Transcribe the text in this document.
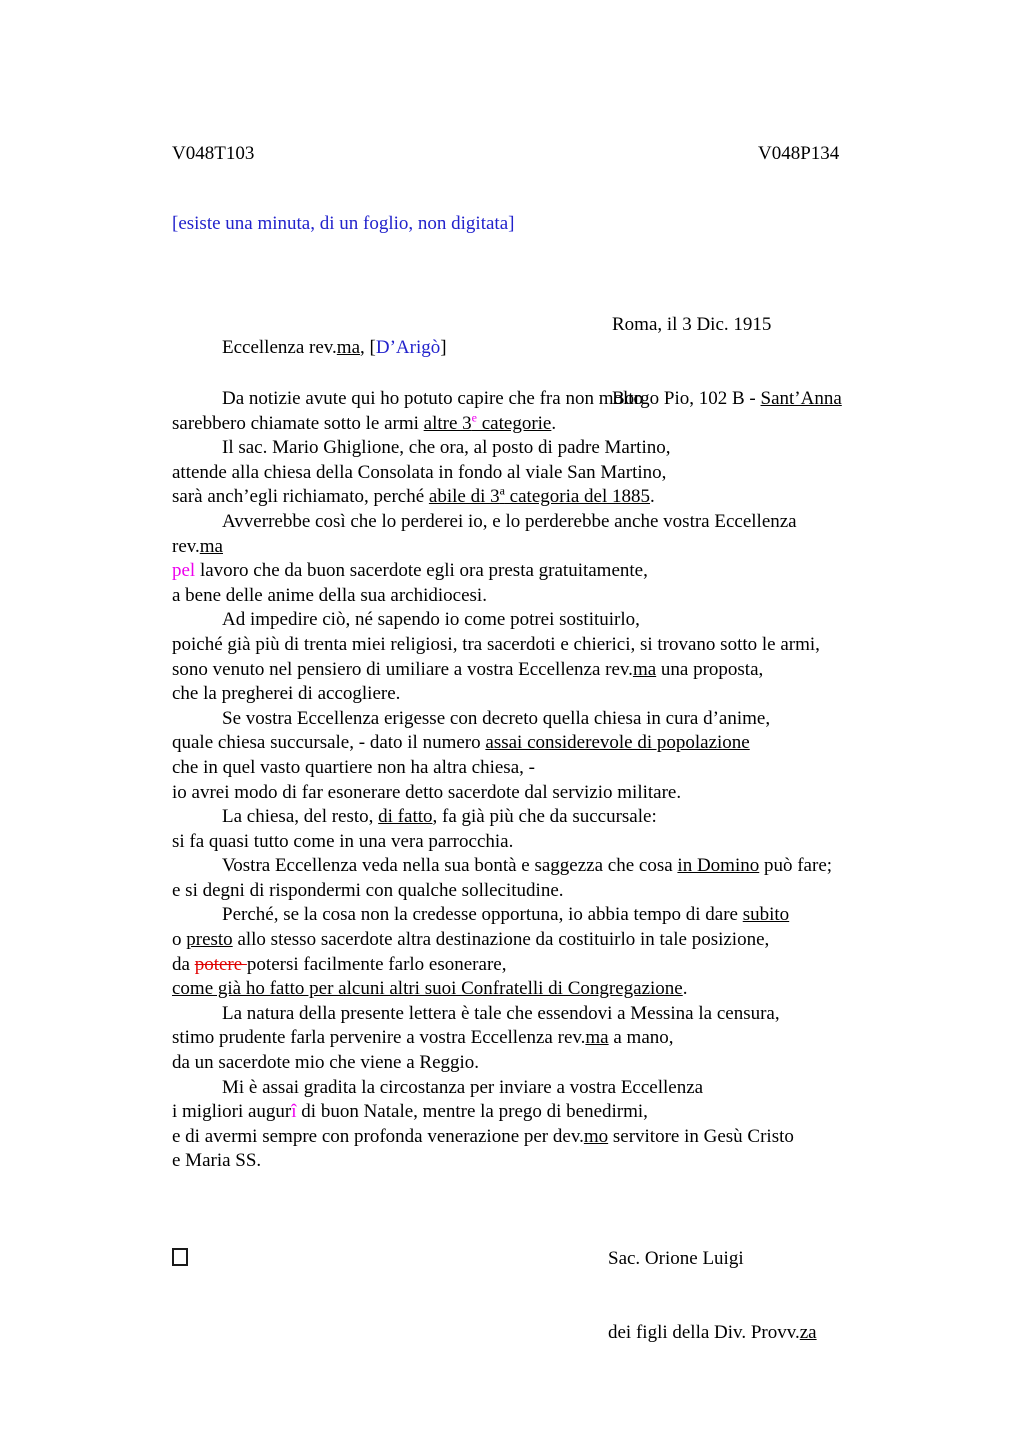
V048T103	V048P134
[esiste una minuta, di un foglio, non digitata]

Roma, il 3 Dic. 1915

Borgo Pio, 102 B - Sant’Anna

Eccellenza rev.ma, [D’Arigò]
Da notizie avute qui ho potuto capire che fra non molto
sarebbero chiamate sotto le armi altre 3e categorie.
Il sac. Mario Ghiglione, che ora, al posto di padre Martino,
attende alla chiesa della Consolata in fondo al viale San Martino,
sarà anch’egli richiamato, perché abile di 3$^a$ categoria del 1885.
Avverrebbe così che lo perderei io, e lo perderebbe anche vostra Eccellenza
rev.ma
pel lavoro che da buon sacerdote egli ora presta gratuitamente,
a bene delle anime della sua archidiocesi.
Ad impedire ciò, né sapendo io come potrei sostituirlo,
poiché già più di trenta miei religiosi, tra sacerdoti e chierici, si trovano sotto le armi,
sono venuto nel pensiero di umiliare a vostra Eccellenza rev.ma una proposta,
che la pregherei di accogliere.
Se vostra Eccellenza erigesse con decreto quella chiesa in cura d’anime,
quale chiesa succursale, - dato il numero assai considerevole di popolazione
che in quel vasto quartiere non ha altra chiesa, -
io avrei modo di far esonerare detto sacerdote dal servizio militare.
La chiesa, del resto, di fatto, fa già più che da succursale:
si fa quasi tutto come in una vera parrocchia.
Vostra Eccellenza veda nella sua bontà e saggezza che cosa in Domino può fare;
e si degni di rispondermi con qualche sollecitudine.
Perché, se la cosa non la credesse opportuna, io abbia tempo di dare subito
o presto allo stesso sacerdote altra destinazione da costituirlo in tale posizione,
da potere potersi facilmente farlo esonerare,
come già ho fatto per alcuni altri suoi Confratelli di Congregazione.
La natura della presente lettera è tale che essendovi a Messina la censura,
stimo prudente farla pervenire a vostra Eccellenza rev.ma a mano,
da un sacerdote mio che viene a Reggio.
Mi è assai gradita la circostanza per inviare a vostra Eccellenza
i migliori augurî di buon Natale, mentre la prego di benedirmi,
e di avermi sempre con profonda venerazione per dev.mo servitore in Gesù Cristo
e Maria SS.

Sac. Orione Luigi

dei figli della Div. Provv.za
